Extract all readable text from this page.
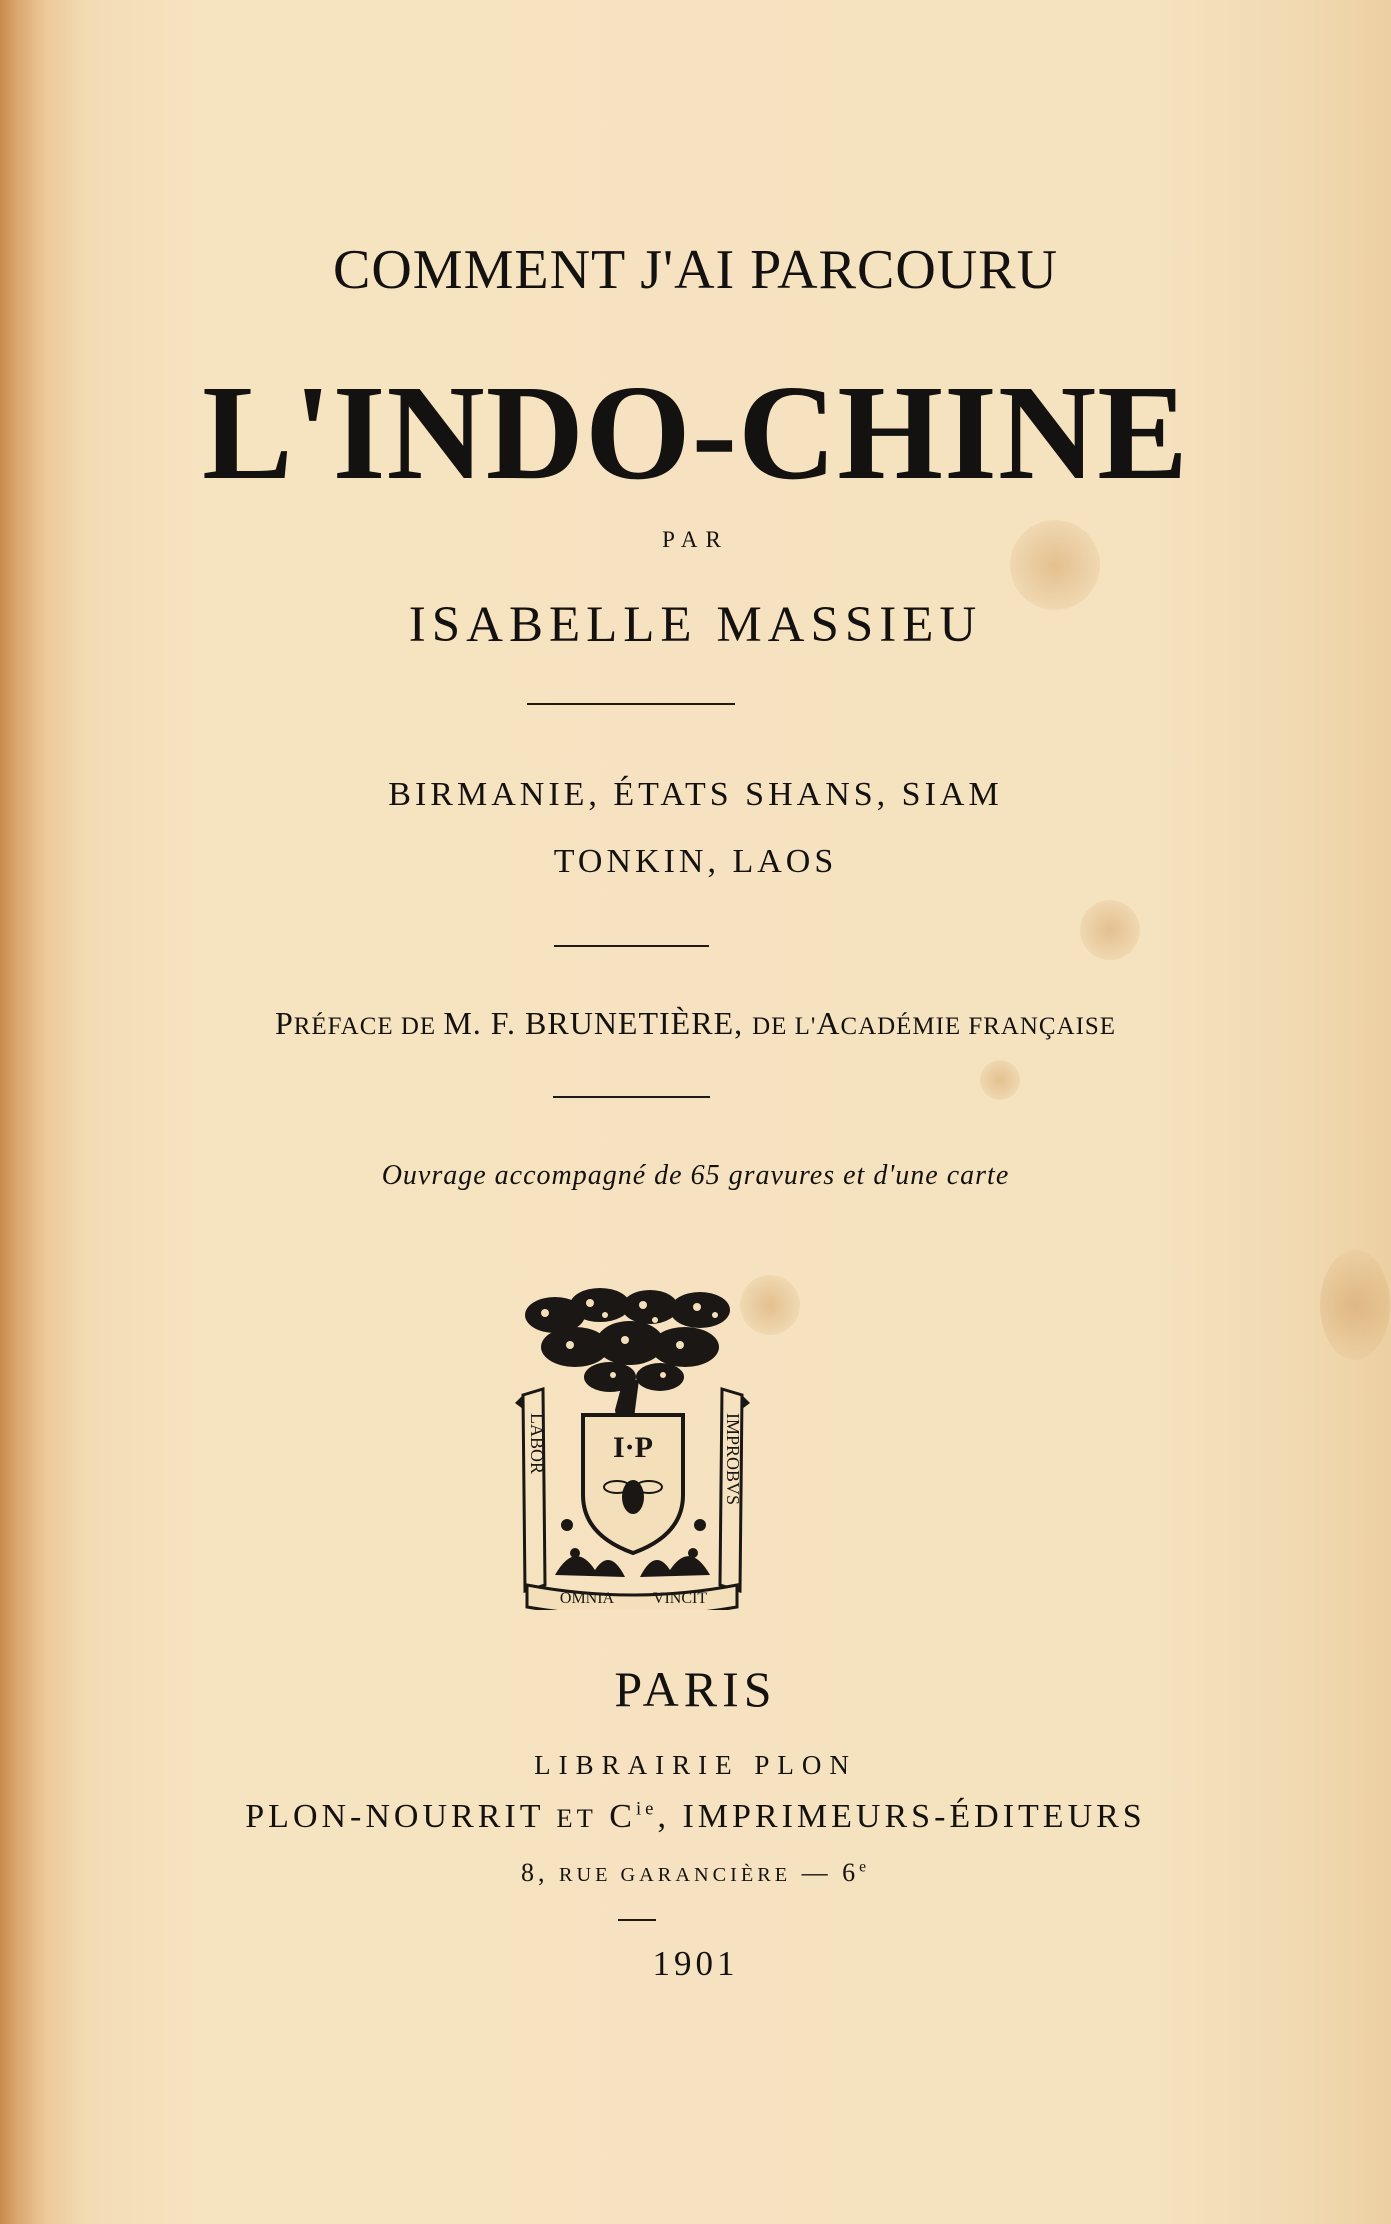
COMMENT J'AI PARCOURU
L'INDO-CHINE
PAR
ISABELLE MASSIEU
BIRMANIE, ÉTATS SHANS, SIAM
TONKIN, LAOS
PRÉFACE DE M. F. BRUNETIÈRE, DE L'ACADÉMIE FRANÇAISE
Ouvrage accompagné de 65 gravures et d'une carte
I·P
LABOR	IMPROBVS
OMNIA VINCIT
PARIS
LIBRAIRIE PLON
PLON-NOURRIT ET $C^{ie}$, IMPRIMEURS-ÉDITEURS
8, RUE GARANCIÈRE — 6e
1901
